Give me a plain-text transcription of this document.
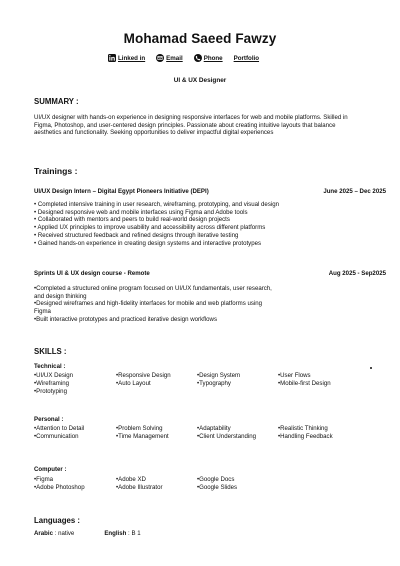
Mohamad Saeed Fawzy
Linked in	Email	Phone Portfolio
UI & UX Designer
SUMMARY :
UI/UX designer with hands-on experience in designing responsive interfaces for web and mobile platforms. Skilled in Figma, Photoshop, and user-centered design principles. Passionate about creating intuitive layouts that balance aesthetics and functionality. Seeking opportunities to deliver impactful digital experiences
Trainings :
UI/UX Design Intern – Digital Egypt Pioneers Initiative (DEPI)	June 2025 – Dec 2025
• Completed intensive training in user research, wireframing, prototyping, and visual design
• Designed responsive web and mobile interfaces using Figma and Adobe tools
• Collaborated with mentors and peers to build real-world design projects
• Applied UX principles to improve usability and accessibility across different platforms
• Received structured feedback and refined designs through iterative testing
• Gained hands-on experience in creating design systems and interactive prototypes
Sprints UI & UX design course - Remote	Aug 2025 - Sep2025
•Completed a structured online program focused on UI/UX fundamentals, user research,
and design thinking
•Designed wireframes and high-fidelity interfaces for mobile and web platforms using
Figma
•Built interactive prototypes and practiced iterative design workflows
SKILLS :
Technical :
•UI/UX Design	•Responsive Design	•Design System	•User Flows
•Wireframing	•Auto Layout	•Typography	•Mobile-first Design
•Prototyping
Personal :
•Attention to Detail	•Problem Solving	•Adaptability	•Realistic Thinking
•Communication	•Time Management	•Client Understanding	•Handling Feedback
Computer :
•Figma	•Adobe XD	•Google Docs
•Adobe Photoshop	•Adobe Illustrator	•Google Slides
Languages :
Arabic : native	English : B 1
